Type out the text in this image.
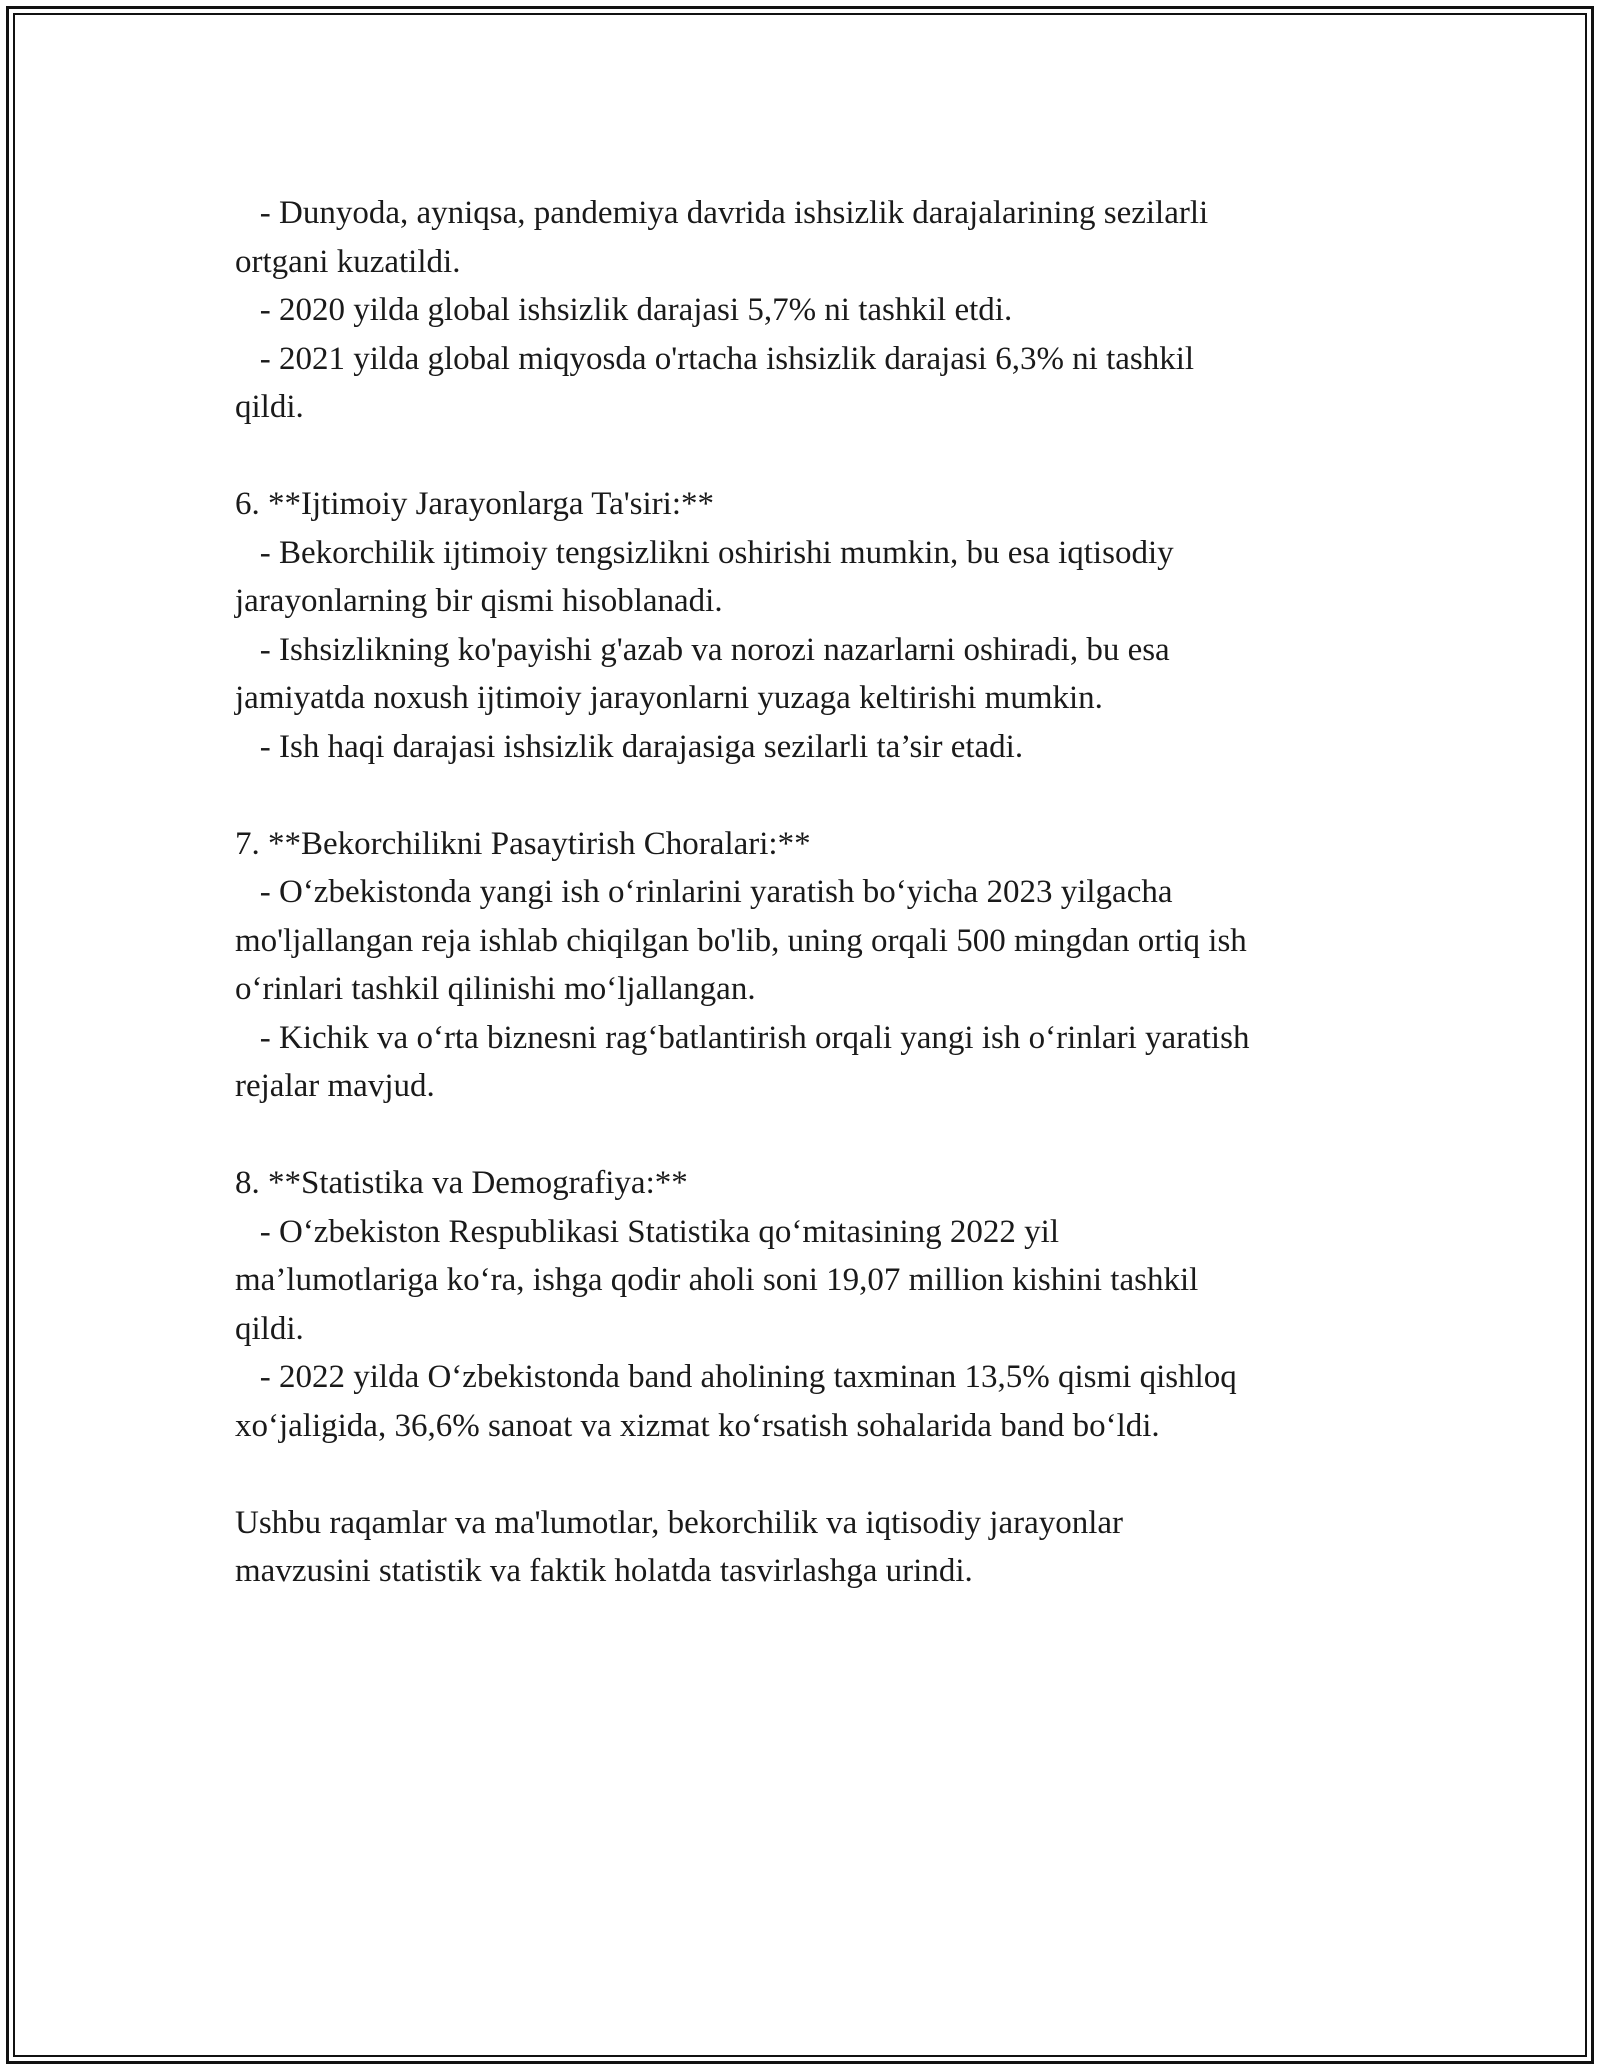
- Dunyoda, ayniqsa, pandemiya davrida ishsizlik darajalarining sezilarli
ortgani kuzatildi.
- 2020 yilda global ishsizlik darajasi 5,7% ni tashkil etdi.
- 2021 yilda global miqyosda o'rtacha ishsizlik darajasi 6,3% ni tashkil
qildi.
6. **Ijtimoiy Jarayonlarga Ta'siri:**
- Bekorchilik ijtimoiy tengsizlikni oshirishi mumkin, bu esa iqtisodiy
jarayonlarning bir qismi hisoblanadi.
- Ishsizlikning ko'payishi g'azab va norozi nazarlarni oshiradi, bu esa
jamiyatda noxush ijtimoiy jarayonlarni yuzaga keltirishi mumkin.
- Ish haqi darajasi ishsizlik darajasiga sezilarli ta’sir etadi.
7. **Bekorchilikni Pasaytirish Choralari:**
- O‘zbekistonda yangi ish o‘rinlarini yaratish bo‘yicha 2023 yilgacha
mo'ljallangan reja ishlab chiqilgan bo'lib, uning orqali 500 mingdan ortiq ish
o‘rinlari tashkil qilinishi mo‘ljallangan.
- Kichik va o‘rta biznesni rag‘batlantirish orqali yangi ish o‘rinlari yaratish
rejalar mavjud.
8. **Statistika va Demografiya:**
- O‘zbekiston Respublikasi Statistika qo‘mitasining 2022 yil
ma’lumotlariga ko‘ra, ishga qodir aholi soni 19,07 million kishini tashkil
qildi.
- 2022 yilda O‘zbekistonda band aholining taxminan 13,5% qismi qishloq
xo‘jaligida, 36,6% sanoat va xizmat ko‘rsatish sohalarida band bo‘ldi.
Ushbu raqamlar va ma'lumotlar, bekorchilik va iqtisodiy jarayonlar
mavzusini statistik va faktik holatda tasvirlashga urindi.
